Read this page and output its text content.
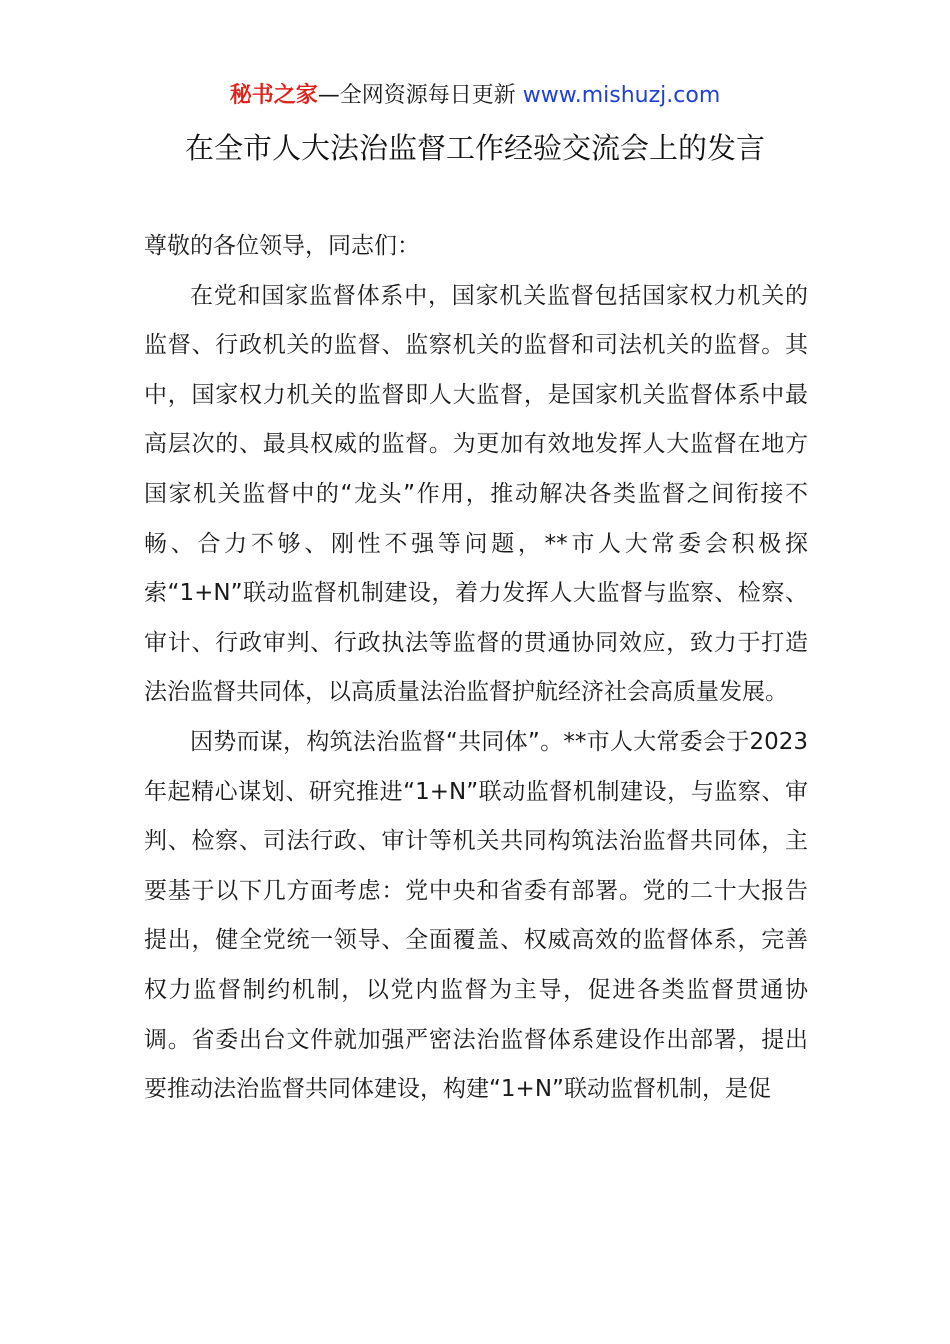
秘书之家—全网资源每日更新 www.mishuzj.com
在全市人大法治监督工作经验交流会上的发言

尊敬的各位领导，同志们：

在党和国家监督体系中，国家机关监督包括国家权力机关的监督、行政机关的监督、监察机关的监督和司法机关的监督。其中，国家权力机关的监督即人大监督，是国家机关监督体系中最高层次的、最具权威的监督。为更加有效地发挥人大监督在地方国家机关监督中的“龙头”作用，推动解决各类监督之间衔接不畅、合力不够、刚性不强等问题，**市人大常委会积极探索“1+N”联动监督机制建设，着力发挥人大监督与监察、检察、审计、行政审判、行政执法等监督的贯通协同效应，致力于打造法治监督共同体，以高质量法治监督护航经济社会高质量发展。

因势而谋，构筑法治监督“共同体”。**市人大常委会于2023年起精心谋划、研究推进“1+N”联动监督机制建设，与监察、审判、检察、司法行政、审计等机关共同构筑法治监督共同体，主要基于以下几方面考虑：党中央和省委有部署。党的二十大报告提出，健全党统一领导、全面覆盖、权威高效的监督体系，完善权力监督制约机制，以党内监督为主导，促进各类监督贯通协调。省委出台文件就加强严密法治监督体系建设作出部署，提出要推动法治监督共同体建设，构建“1+N”联动监督机制，是促
